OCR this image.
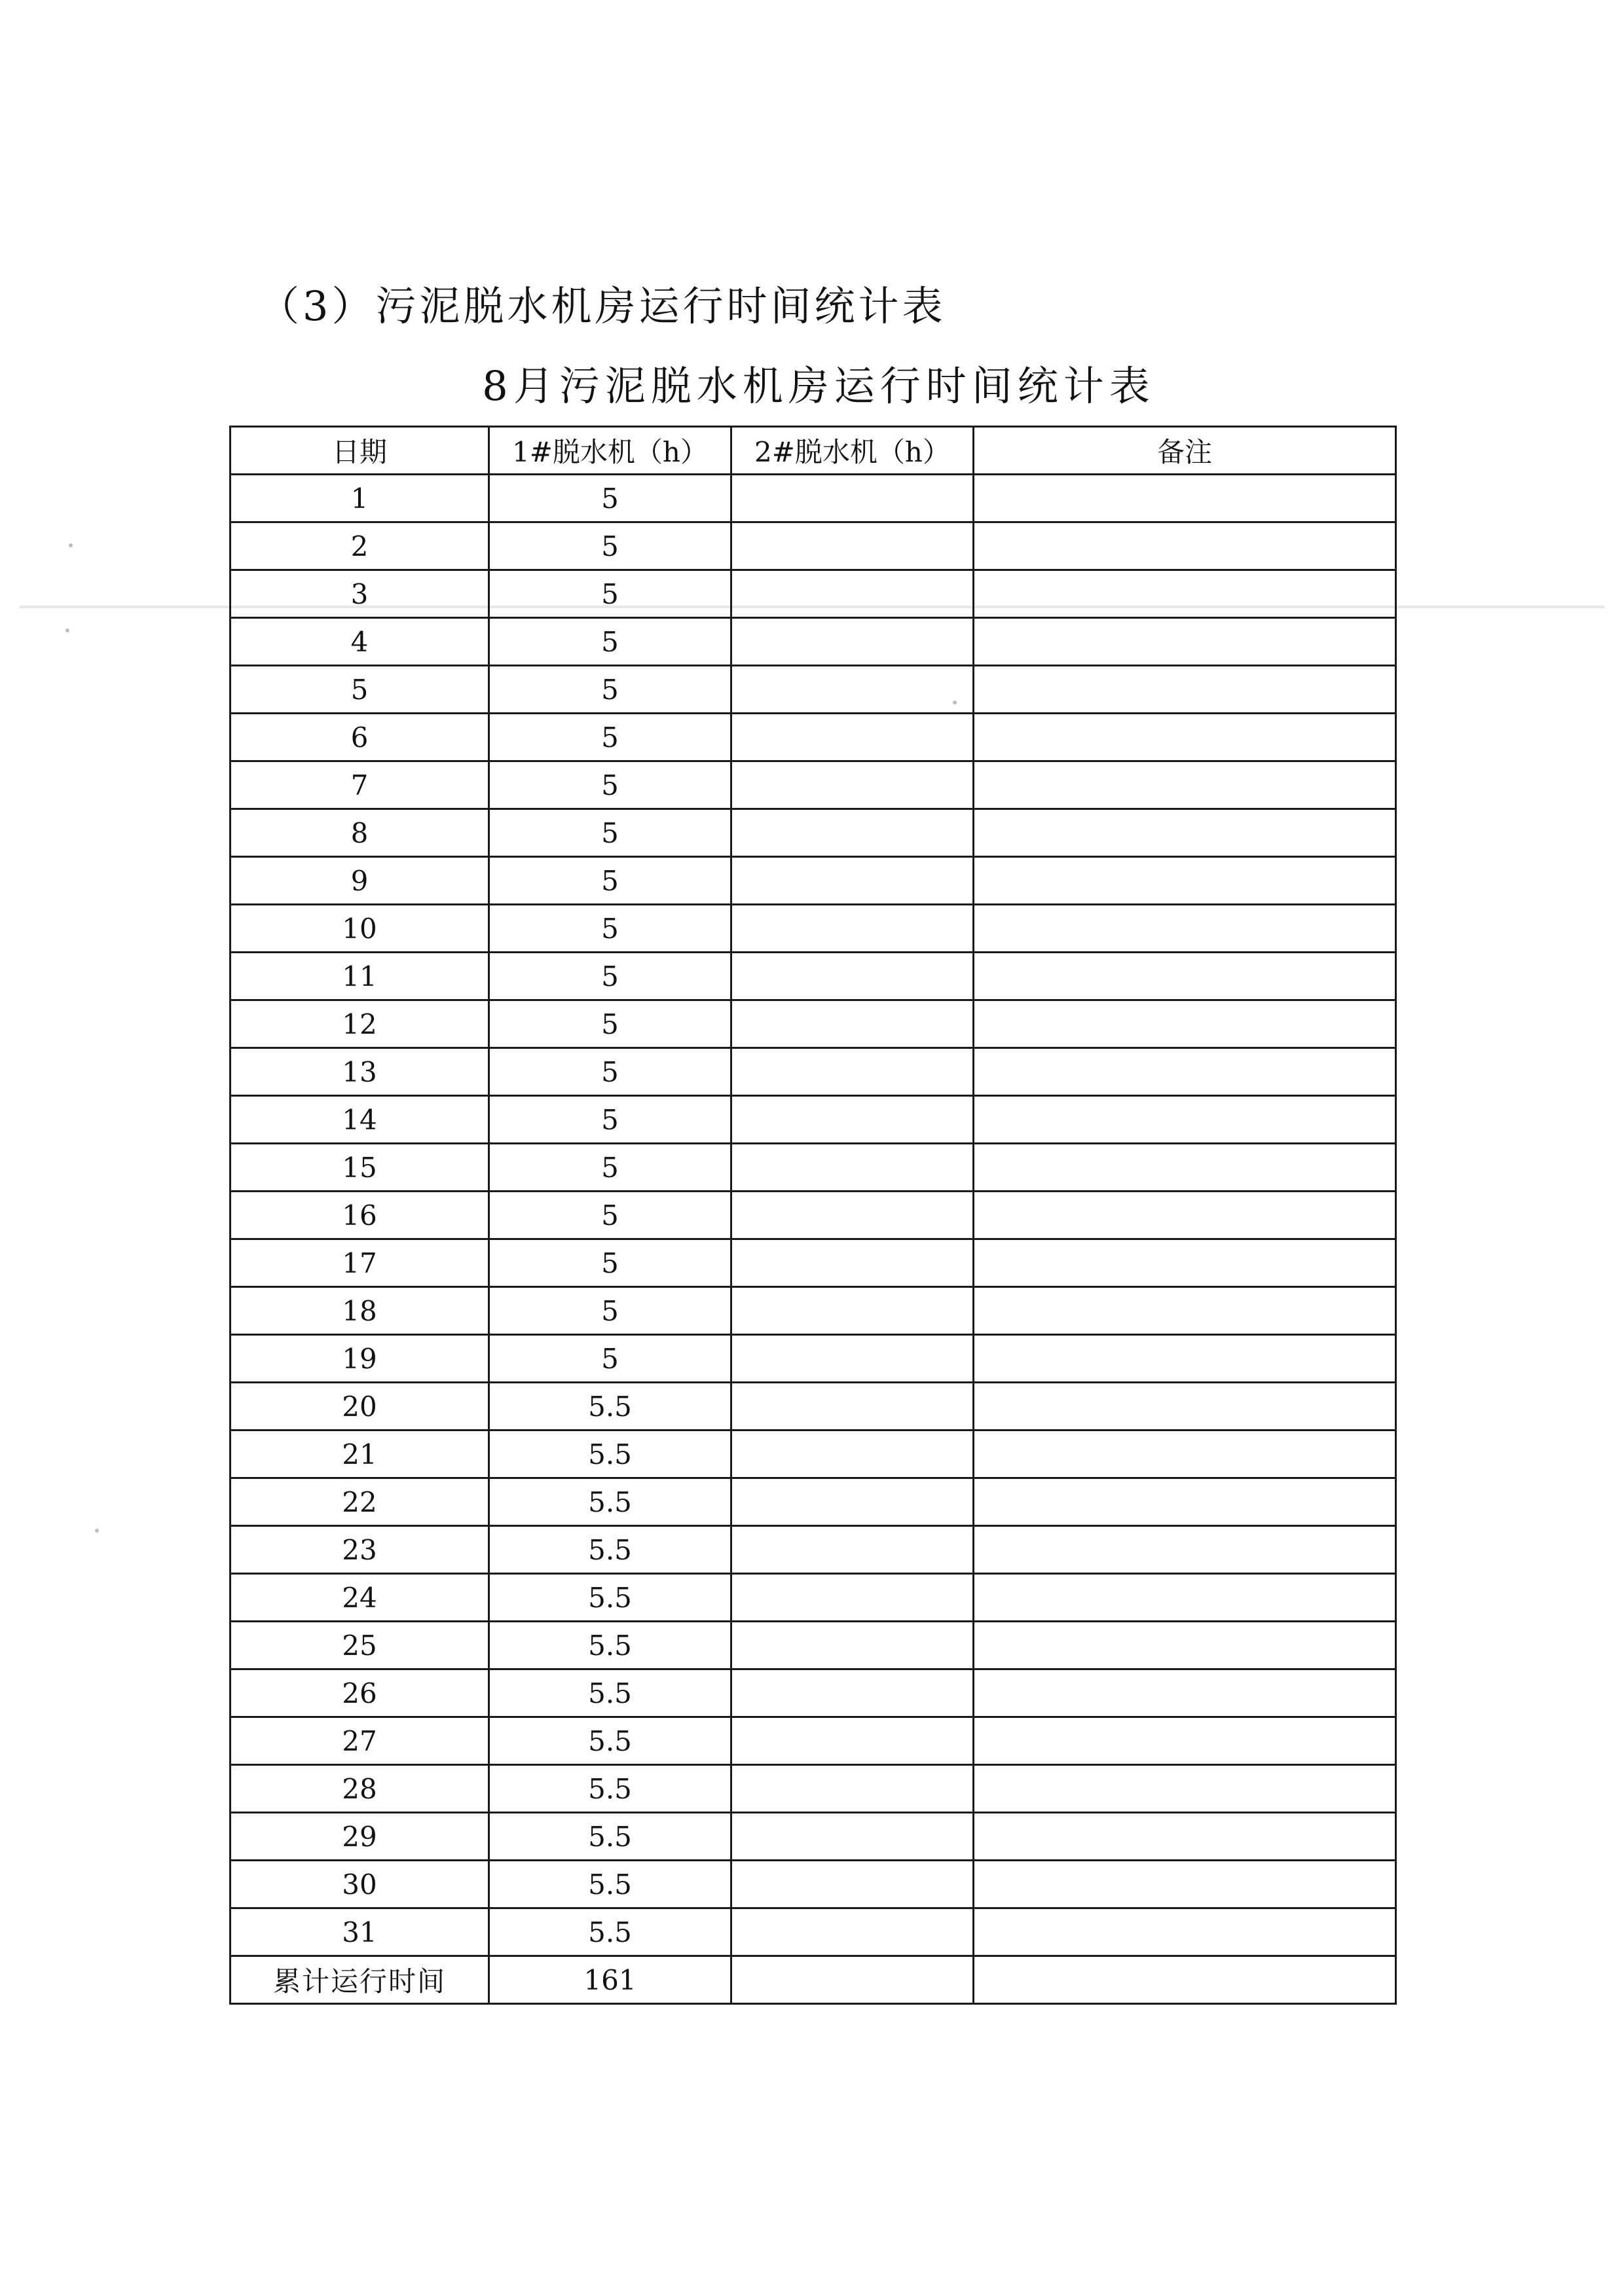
（3）污泥脱水机房运行时间统计表
8月污泥脱水机房运行时间统计表
日期	1#脱水机（h）	2#脱水机（h）	备注
1	5		
2	5		
3	5		
4	5		
5	5		
6	5		
7	5		
8	5		
9	5		
10	5		
11	5		
12	5		
13	5		
14	5		
15	5		
16	5		
17	5		
18	5		
19	5		
20	5.5		
21	5.5		
22	5.5		
23	5.5		
24	5.5		
25	5.5		
26	5.5		
27	5.5		
28	5.5		
29	5.5		
30	5.5		
31	5.5		
累计运行时间	161		
